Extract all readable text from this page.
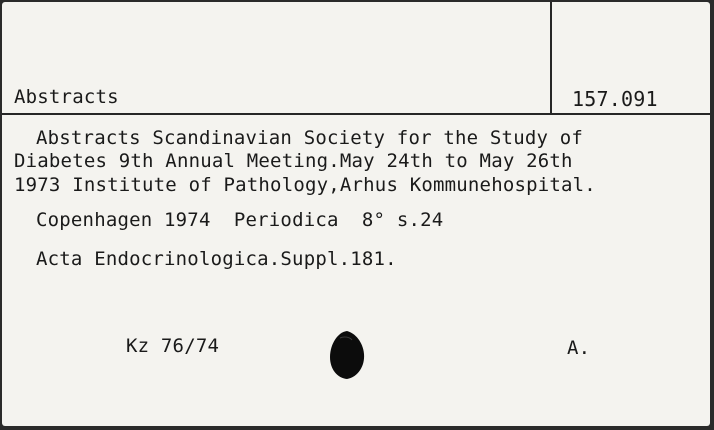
Abstracts	157.091
Abstracts Scandinavian Society for the Study of
Diabetes 9th Annual Meeting.May 24th to May 26th
1973 Institute of Pathology,Arhus Kommunehospital.
Copenhagen 1974 Periodica 8° s.24
Acta Endocrinologica.Suppl.181.
Kz 76/74	A.
